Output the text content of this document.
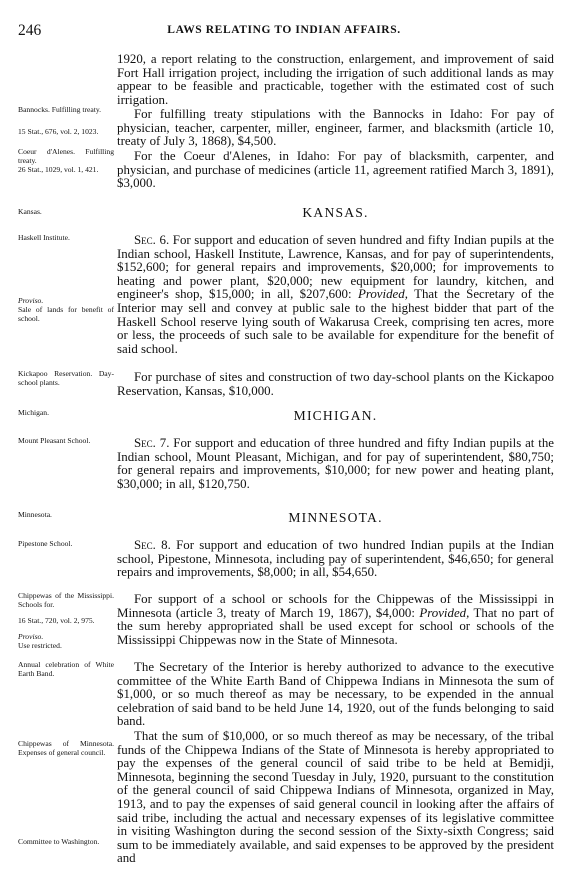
246	LAWS RELATING TO INDIAN AFFAIRS.
Bannocks. Fulfilling treaty.
15 Stat., 676, vol. 2, 1023.
Coeur d'Alenes. Fulfilling treaty.
26 Stat., 1029, vol. 1, 421.
Kansas.
Haskell Institute.
Proviso.
Sale of lands for benefit of school.
Kickapoo Reservation. Day-school plants.
Michigan.
Mount Pleasant School.
Minnesota.
Pipestone School.
Chippewas of the Mississippi. Schools for.
16 Stat., 720, vol. 2, 975.
Proviso.
Use restricted.
Annual celebration of White Earth Band.
Chippewas of Minnesota. Expenses of general council.
Committee to Washington.
1920, a report relating to the construction, enlargement, and improvement of said Fort Hall irrigation project, including the irrigation of such additional lands as may appear to be feasible and practicable, together with the estimated cost of such irrigation.
For fulfilling treaty stipulations with the Bannocks in Idaho: For pay of physician, teacher, carpenter, miller, engineer, farmer, and blacksmith (article 10, treaty of July 3, 1868), $4,500.
For the Coeur d'Alenes, in Idaho: For pay of blacksmith, carpenter, and physician, and purchase of medicines (article 11, agreement ratified March 3, 1891), $3,000.
KANSAS.
Sec. 6. For support and education of seven hundred and fifty Indian pupils at the Indian school, Haskell Institute, Lawrence, Kansas, and for pay of superintendents, $152,600; for general repairs and improvements, $20,000; for improvements to heating and power plant, $20,000; new equipment for laundry, kitchen, and engineer's shop, $15,000; in all, $207,600: Provided, That the Secretary of the Interior may sell and convey at public sale to the highest bidder that part of the Haskell School reserve lying south of Wakarusa Creek, comprising ten acres, more or less, the proceeds of such sale to be available for expenditure for the benefit of said school.
For purchase of sites and construction of two day-school plants on the Kickapoo Reservation, Kansas, $10,000.
MICHIGAN.
Sec. 7. For support and education of three hundred and fifty Indian pupils at the Indian school, Mount Pleasant, Michigan, and for pay of superintendent, $80,750; for general repairs and improvements, $10,000; for new power and heating plant, $30,000; in all, $120,750.
MINNESOTA.
Sec. 8. For support and education of two hundred Indian pupils at the Indian school, Pipestone, Minnesota, including pay of superintendent, $46,650; for general repairs and improvements, $8,000; in all, $54,650.
For support of a school or schools for the Chippewas of the Mississippi in Minnesota (article 3, treaty of March 19, 1867), $4,000: Provided, That no part of the sum hereby appropriated shall be used except for school or schools of the Mississippi Chippewas now in the State of Minnesota.
The Secretary of the Interior is hereby authorized to advance to the executive committee of the White Earth Band of Chippewa Indians in Minnesota the sum of $1,000, or so much thereof as may be necessary, to be expended in the annual celebration of said band to be held June 14, 1920, out of the funds belonging to said band.
That the sum of $10,000, or so much thereof as may be necessary, of the tribal funds of the Chippewa Indians of the State of Minnesota is hereby appropriated to pay the expenses of the general council of said tribe to be held at Bemidji, Minnesota, beginning the second Tuesday in July, 1920, pursuant to the constitution of the general council of said Chippewa Indians of Minnesota, organized in May, 1913, and to pay the expenses of said general council in looking after the affairs of said tribe, including the actual and necessary expenses of its legislative committee in visiting Washington during the second session of the Sixty-sixth Congress; said sum to be immediately available, and said expenses to be approved by the president and
